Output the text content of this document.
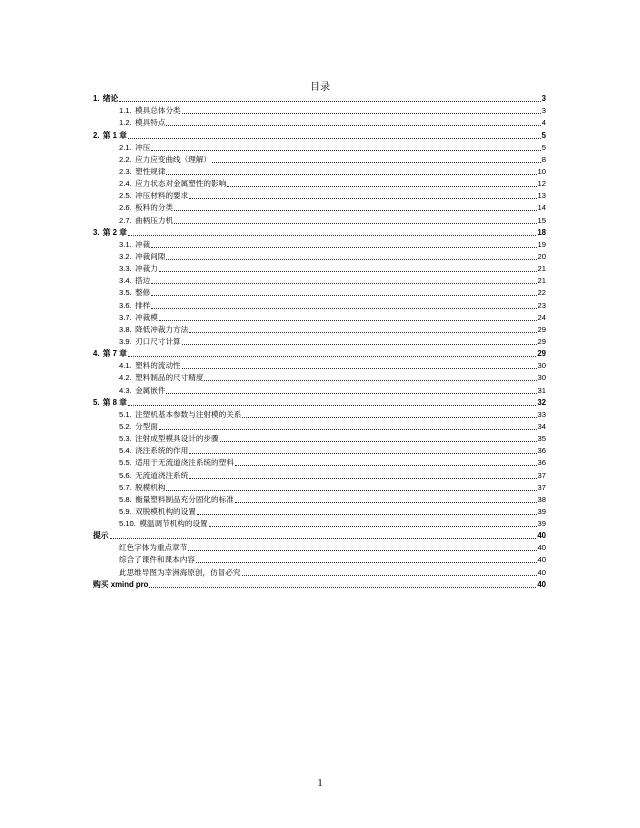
目录
1. 绪论	3
1.1. 模具总体分类	3
1.2. 模具特点	4
2. 第 1 章	5
2.1. 冲压	5
2.2. 应力应变曲线（理解）	8
2.3. 塑性规律	10
2.4. 应力状态对金属塑性的影响	12
2.5. 冲压材料的要求	13
2.6. 板料的分类	14
2.7. 曲柄压力机	15
3. 第 2 章	18
3.1. 冲裁	19
3.2. 冲裁间隙	20
3.3. 冲裁力	21
3.4. 搭边	21
3.5. 整修	22
3.6. 排样	23
3.7. 冲裁模	24
3.8. 降低冲裁力方法	29
3.9. 刃口尺寸计算	29
4. 第 7 章	29
4.1. 塑料的流动性	30
4.2. 塑料制品的尺寸精度	30
4.3. 金属嵌件	31
5. 第 8 章	32
5.1. 注塑机基本参数与注射模的关系	33
5.2. 分型面	34
5.3. 注射成型模具设计的步骤	35
5.4. 浇注系统的作用	36
5.5. 适用于无流道浇注系统的塑料	36
5.6. 无流道浇注系统	37
5.7. 脱模机构	37
5.8. 衡量塑料制品充分固化的标准	38
5.9. 双脱模机构的设置	39
5.10. 模温调节机构的设置	39
提示	40
红色字体为重点章节	40
综合了课件和课本内容	40
此思维导图为幸洲海原创，仿冒必究	40
购买 xmind pro	40
1
